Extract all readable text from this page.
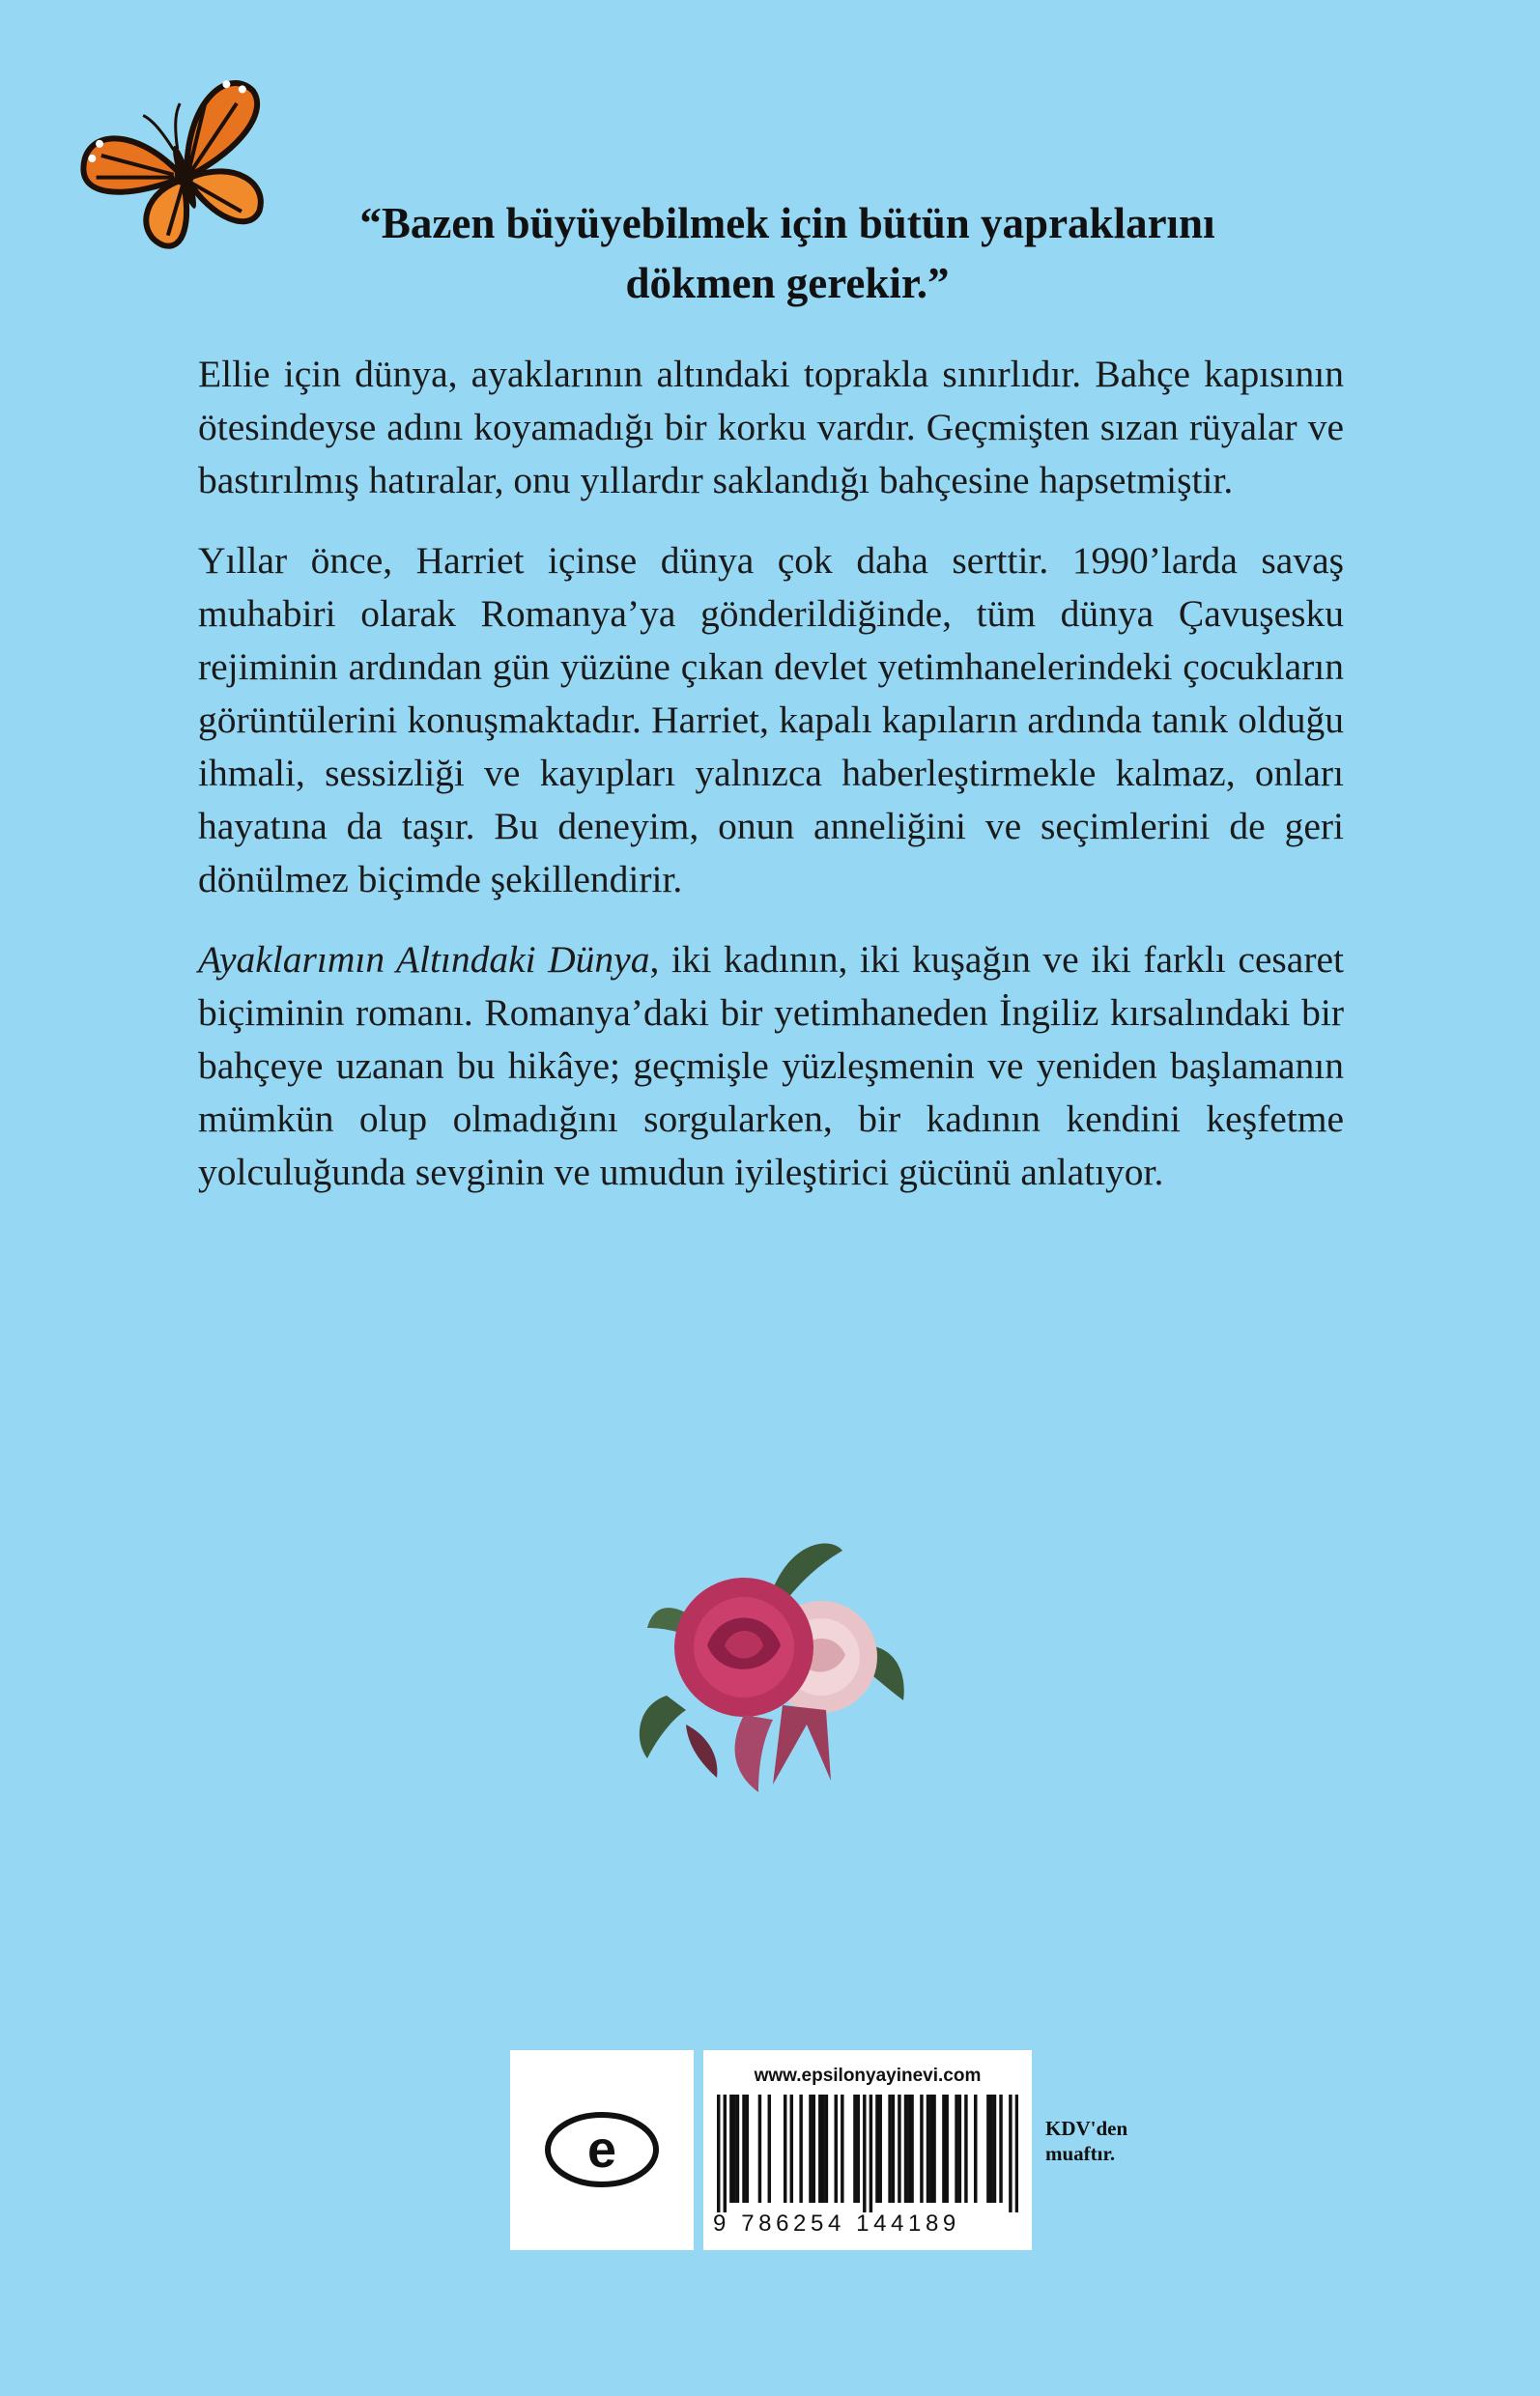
“Bazen büyüyebilmek için bütün yapraklarını
dökmen gerekir.”

Ellie için dünya, ayaklarının altındaki toprakla sınırlıdır. Bahçe kapısının ötesindeyse adını koyamadığı bir korku vardır. Geçmişten sızan rüyalar ve bastırılmış hatıralar, onu yıllardır saklandığı bahçesine hapsetmiştir.

Yıllar önce, Harriet içinse dünya çok daha serttir. 1990’larda savaş muhabiri olarak Romanya’ya gönderildiğinde, tüm dünya Çavuşesku rejiminin ardından gün yüzüne çıkan devlet yetimhanelerindeki çocukların görüntülerini konuşmaktadır. Harriet, kapalı kapıların ardında tanık olduğu ihmali, sessizliği ve kayıpları yalnızca haberleştirmekle kalmaz, onları hayatına da taşır. Bu deneyim, onun anneliğini ve seçimlerini de geri dönülmez biçimde şekillendirir.

Ayaklarımın Altındaki Dünya, iki kadının, iki kuşağın ve iki farklı cesaret biçiminin romanı. Romanya’daki bir yetimhaneden İngiliz kırsalındaki bir bahçeye uzanan bu hikâye; geçmişle yüzleşmenin ve yeniden başlamanın mümkün olup olmadığını sorgularken, bir kadının kendini keşfetme yolculuğunda sevginin ve umudun iyileştirici gücünü anlatıyor.

e
www.epsilonyayinevi.com
9 786254 144189
KDV'den
muaftır.
